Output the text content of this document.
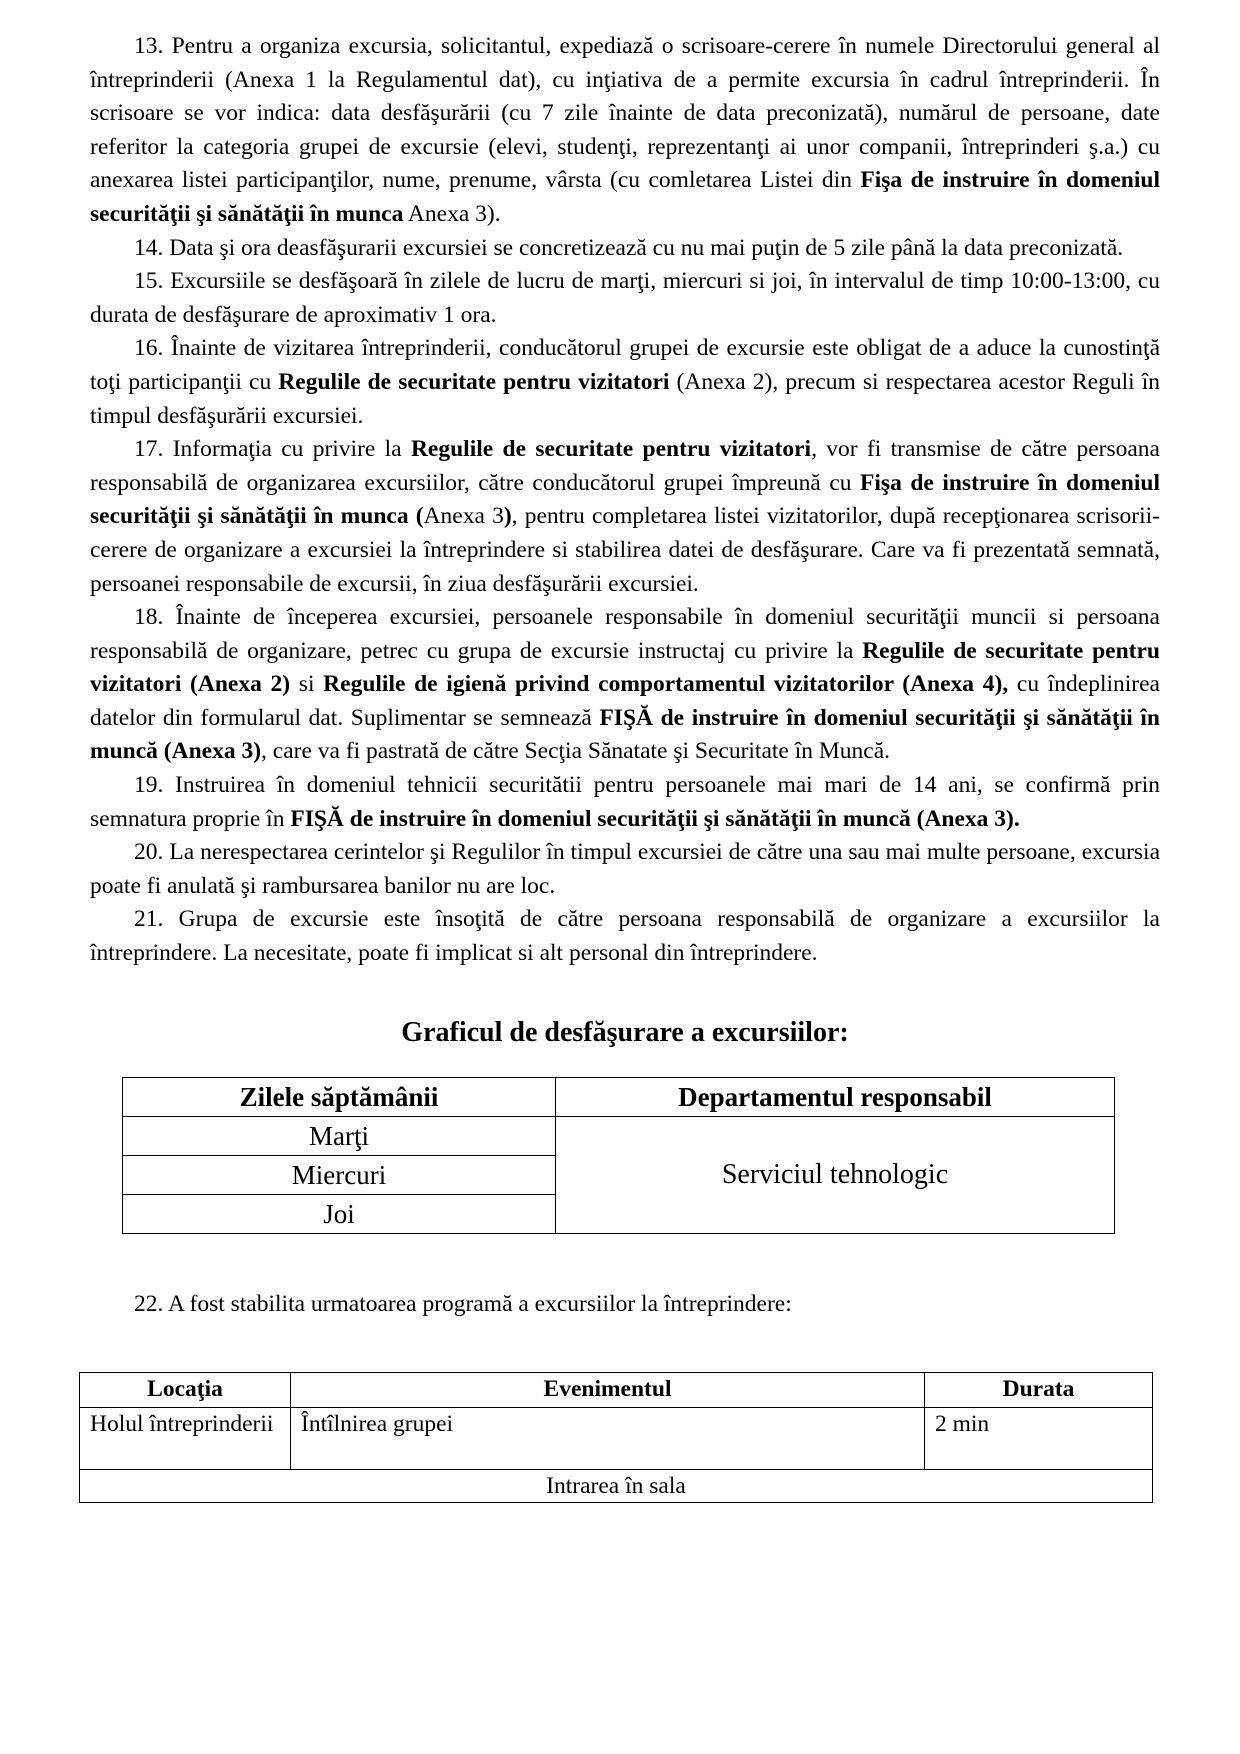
13. Pentru a organiza excursia, solicitantul, expediază o scrisoare-cerere în numele Directorului general al întreprinderii (Anexa 1 la Regulamentul dat), cu inţiativa de a permite excursia în cadrul întreprinderii. În scrisoare se vor indica: data desfăşurării (cu 7 zile înainte de data preconizată), numărul de persoane, date referitor la categoria grupei de excursie (elevi, studenţi, reprezentanţi ai unor companii, întreprinderi ş.a.) cu anexarea listei participanţilor, nume, prenume, vârsta (cu comletarea Listei din Fişa de instruire în domeniul securităţii şi sănătăţii în munca Anexa 3).

14. Data şi ora deasfăşurarii excursiei se concretizează cu nu mai puţin de 5 zile până la data preconizată.

15. Excursiile se desfăşoară în zilele de lucru de marţi, miercuri si joi, în intervalul de timp 10:00-13:00, cu durata de desfăşurare de aproximativ 1 ora.

16. Înainte de vizitarea întreprinderii, conducătorul grupei de excursie este obligat de a aduce la cunostinţă toţi participanţii cu Regulile de securitate pentru vizitatori (Anexa 2), precum si respectarea acestor Reguli în timpul desfăşurării excursiei.

17. Informaţia cu privire la Regulile de securitate pentru vizitatori, vor fi transmise de către persoana responsabilă de organizarea excursiilor, către conducătorul grupei împreună cu Fişa de instruire în domeniul securităţii şi sănătăţii în munca (Anexa 3), pentru completarea listei vizitatorilor, după recepţionarea scrisorii-cerere de organizare a excursiei la întreprindere si stabilirea datei de desfăşurare. Care va fi prezentată semnată, persoanei responsabile de excursii, în ziua desfăşurării excursiei.

18. Înainte de începerea excursiei, persoanele responsabile în domeniul securităţii muncii si persoana responsabilă de organizare, petrec cu grupa de excursie instructaj cu privire la Regulile de securitate pentru vizitatori (Anexa 2) si Regulile de igienă privind comportamentul vizitatorilor (Anexa 4), cu îndeplinirea datelor din formularul dat. Suplimentar se semnează FIŞĂ de instruire în domeniul securităţii şi sănătăţii în muncă (Anexa 3), care va fi pastrată de către Secţia Sănatate şi Securitate în Muncă.

19. Instruirea în domeniul tehnicii securitătii pentru persoanele mai mari de 14 ani, se confirmă prin semnatura proprie în FIŞĂ de instruire în domeniul securităţii şi sănătăţii în muncă (Anexa 3).

20. La nerespectarea cerintelor şi Regulilor în timpul excursiei de către una sau mai multe persoane, excursia poate fi anulată şi rambursarea banilor nu are loc.

21. Grupa de excursie este însoţită de către persoana responsabilă de organizare a excursiilor la întreprindere. La necesitate, poate fi implicat si alt personal din întreprindere.

Graficul de desfăşurare a excursiilor:
Zilele săptămânii	Departamentul responsabil
Marţi	Serviciul tehnologic
Miercuri	
Joi	

22. A fost stabilita urmatoarea programă a excursiilor la întreprindere:

Locaţia	Evenimentul	Durata
Holul întreprinderii	Întîlnirea grupei	2 min
Intrarea în sala		
